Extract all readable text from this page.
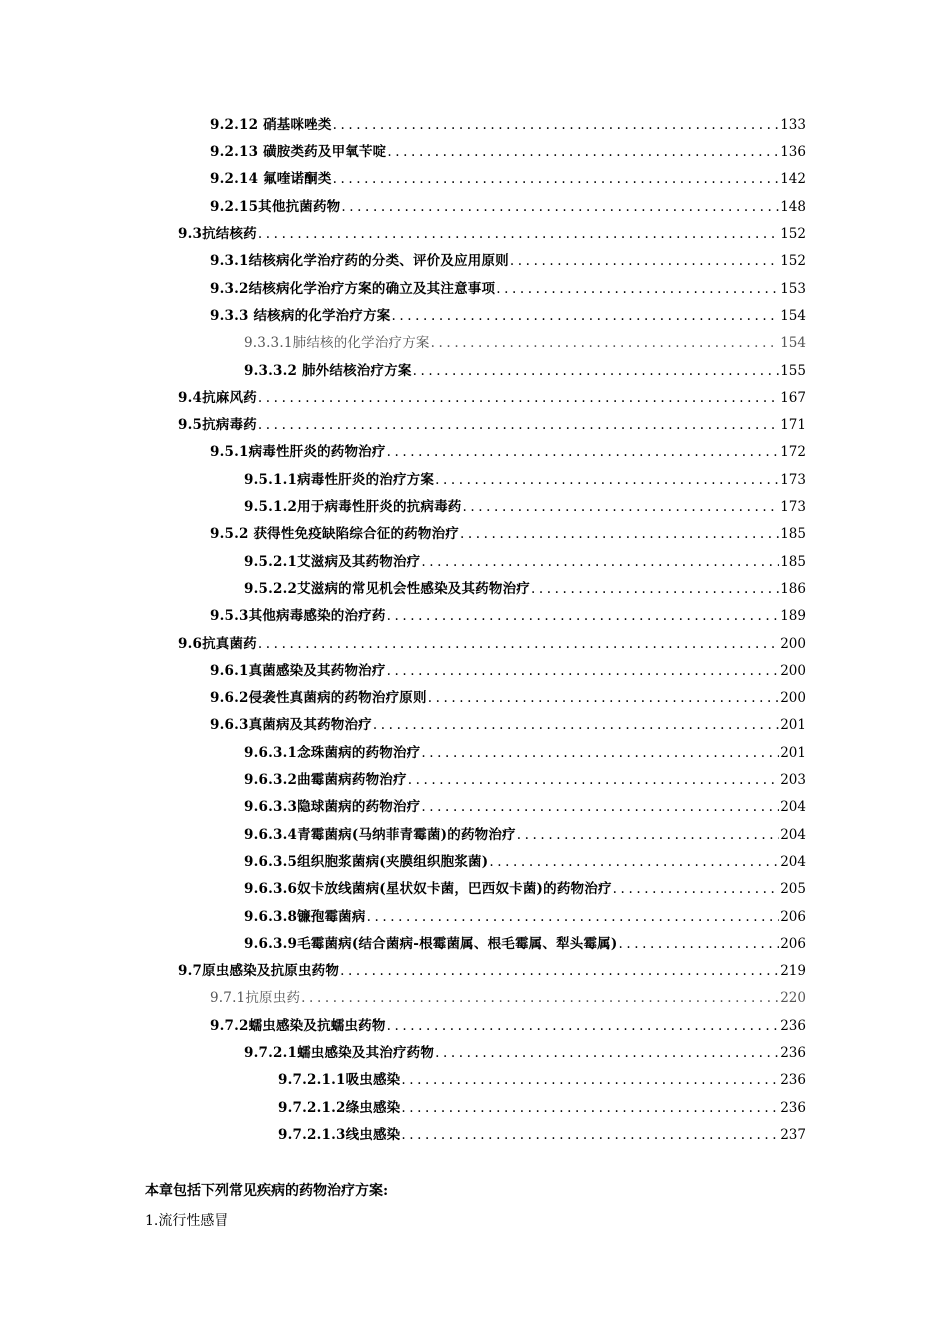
9.2.12 硝基咪唑类 .....	133
9.2.13 磺胺类药及甲氧苄啶 .....	136
9.2.14 氟喹诺酮类 .....	142
9.2.15其他抗菌药物 .....	148
9.3抗结核药 .....	152
9.3.1结核病化学治疗药的分类、评价及应用原则 .....	152
9.3.2结核病化学治疗方案的确立及其注意事项 .....	153
9.3.3 结核病的化学治疗方案 .....	154
9.3.3.1肺结核的化学治疗方案 .....	154
9.3.3.2 肺外结核治疗方案 .....	155
9.4抗麻风药 .....	167
9.5抗病毒药 .....	171
9.5.1病毒性肝炎的药物治疗 .....	172
9.5.1.1病毒性肝炎的治疗方案 .....	173
9.5.1.2用于病毒性肝炎的抗病毒药 .....	173
9.5.2 获得性免疫缺陷综合征的药物治疗 .....	185
9.5.2.1艾滋病及其药物治疗 .....	185
9.5.2.2艾滋病的常见机会性感染及其药物治疗 .....	186
9.5.3其他病毒感染的治疗药 .....	189
9.6抗真菌药 .....	200
9.6.1真菌感染及其药物治疗 .....	200
9.6.2侵袭性真菌病的药物治疗原则 .....	200
9.6.3真菌病及其药物治疗 .....	201
9.6.3.1念珠菌病的药物治疗 .....	201
9.6.3.2曲霉菌病药物治疗 .....	203
9.6.3.3隐球菌病的药物治疗 .....	204
9.6.3.4青霉菌病(马纳菲青霉菌)的药物治疗 .....	204
9.6.3.5组织胞浆菌病(夹膜组织胞浆菌) .....	204
9.6.3.6奴卡放线菌病(星状奴卡菌，巴西奴卡菌)的药物治疗 .....	205
9.6.3.8镰孢霉菌病 .....	206
9.6.3.9毛霉菌病(结合菌病-根霉菌属、根毛霉属、犁头霉属) .....	206
9.7原虫感染及抗原虫药物 .....	219
9.7.1抗原虫药 .....	220
9.7.2蠕虫感染及抗蠕虫药物 .....	236
9.7.2.1蠕虫感染及其治疗药物 .....	236
9.7.2.1.1吸虫感染 .....	236
9.7.2.1.2绦虫感染 .....	236
9.7.2.1.3线虫感染 .....	237
本章包括下列常见疾病的药物治疗方案:
1.流行性感冒
